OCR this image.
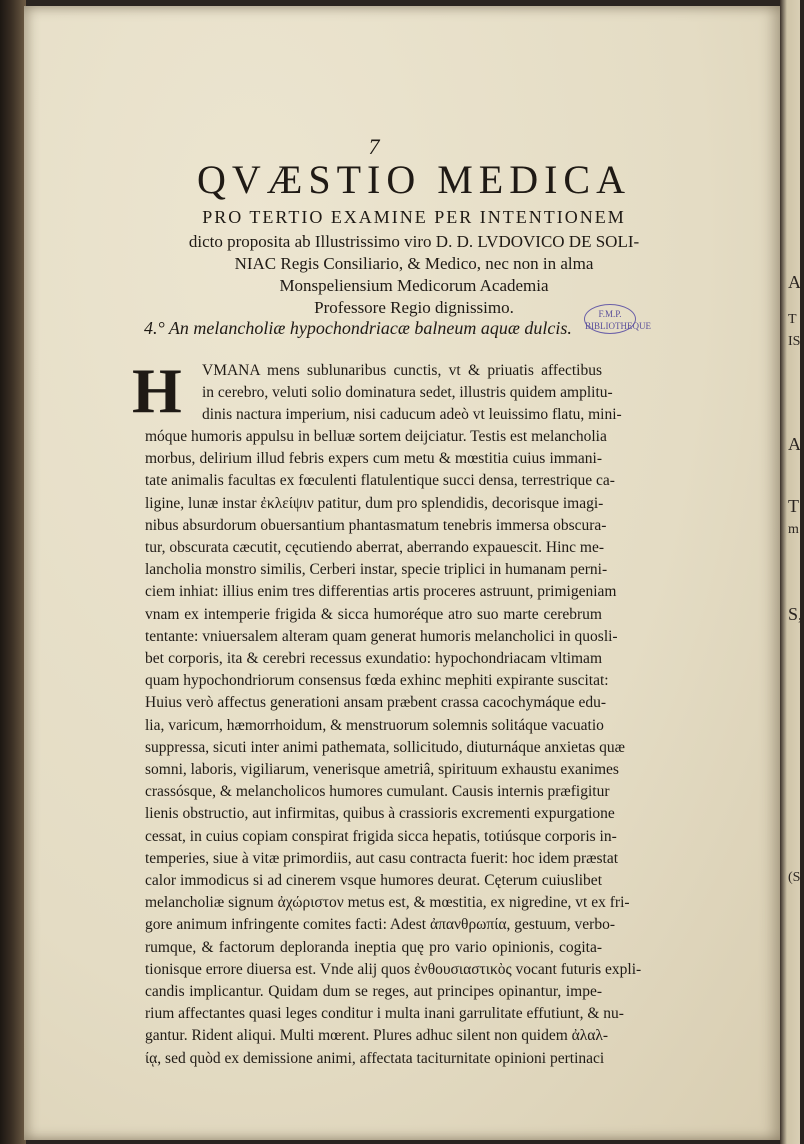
7
QVÆSTIO MEDICA
PRO TERTIO EXAMINE PER INTENTIONEM
dicto proposita ab Illustrissimo viro D. D. LVDOVICO DE SOLI-
NIAC Regis Consiliario, & Medico, nec non in alma
Monspeliensium Medicorum Academia
Professore Regio dignissimo.
4.° An melancholiæ hypochondriacæ balneum aquæ dulcis.
F.M.P. BIBLIOTHEQUE
H	VMANA mens sublunaribus cunctis, vt & priuatis affectibus
in cerebro, veluti solio dominatura sedet, illustris quidem amplitu-
dinis nactura imperium, nisi caducum adeò vt leuissimo flatu, mini-
móque humoris appulsu in belluæ sortem deijciatur. Testis est melancholia
morbus, delirium illud febris expers cum metu & mœstitia cuius immani-
tate animalis facultas ex fœculenti flatulentique succi densa, terrestrique ca-
ligine, lunæ instar ἐκλείψιν patitur, dum pro splendidis, decorisque imagi-
nibus absurdorum obuersantium phantasmatum tenebris immersa obscura-
tur, obscurata cæcutit, cęcutiendo aberrat, aberrando expauescit. Hinc me-
lancholia monstro similis, Cerberi instar, specie triplici in humanam perni-
ciem inhiat: illius enim tres differentias artis proceres astruunt, primigeniam
vnam ex intemperie frigida & sicca humoréque atro suo marte cerebrum
tentante: vniuersalem alteram quam generat humoris melancholici in quosli-
bet corporis, ita & cerebri recessus exundatio: hypochondriacam vltimam
quam hypochondriorum consensus fœda exhinc mephiti expirante suscitat:
Huius verò affectus generationi ansam præbent crassa cacochymáque edu-
lia, varicum, hæmorrhoidum, & menstruorum solemnis solitáque vacuatio
suppressa, sicuti inter animi pathemata, sollicitudo, diuturnáque anxietas quæ
somni, laboris, vigiliarum, venerisque ametriâ, spirituum exhaustu exanimes
crassósque, & melancholicos humores cumulant. Causis internis præfigitur
lienis obstructio, aut infirmitas, quibus à crassioris excrementi expurgatione
cessat, in cuius copiam conspirat frigida sicca hepatis, totiúsque corporis in-
temperies, siue à vitæ primordiis, aut casu contracta fuerit: hoc idem præstat
calor immodicus si ad cinerem vsque humores deurat. Cęterum cuiuslibet
melancholiæ signum ἀχώριστον metus est, & mœstitia, ex nigredine, vt ex fri-
gore animum infringente comites facti: Adest ἀπανθρωπία, gestuum, verbo-
rumque, & factorum deploranda ineptia quę pro vario opinionis, cogita-
tionisque errore diuersa est. Vnde alij quos ἐνθουσιαστικὸς vocant futuris expli-
candis implicantur. Quidam dum se reges, aut principes opinantur, impe-
rium affectantes quasi leges conditur i multa inani garrulitate effutiunt, & nu-
gantur. Rident aliqui. Multi mœrent. Plures adhuc silent non quidem ἀλαλ-
ίᾳ, sed quòd ex demissione animi, affectata taciturnitate opinioni pertinaci
A
T
IS
A
T
m
S,
(S,
